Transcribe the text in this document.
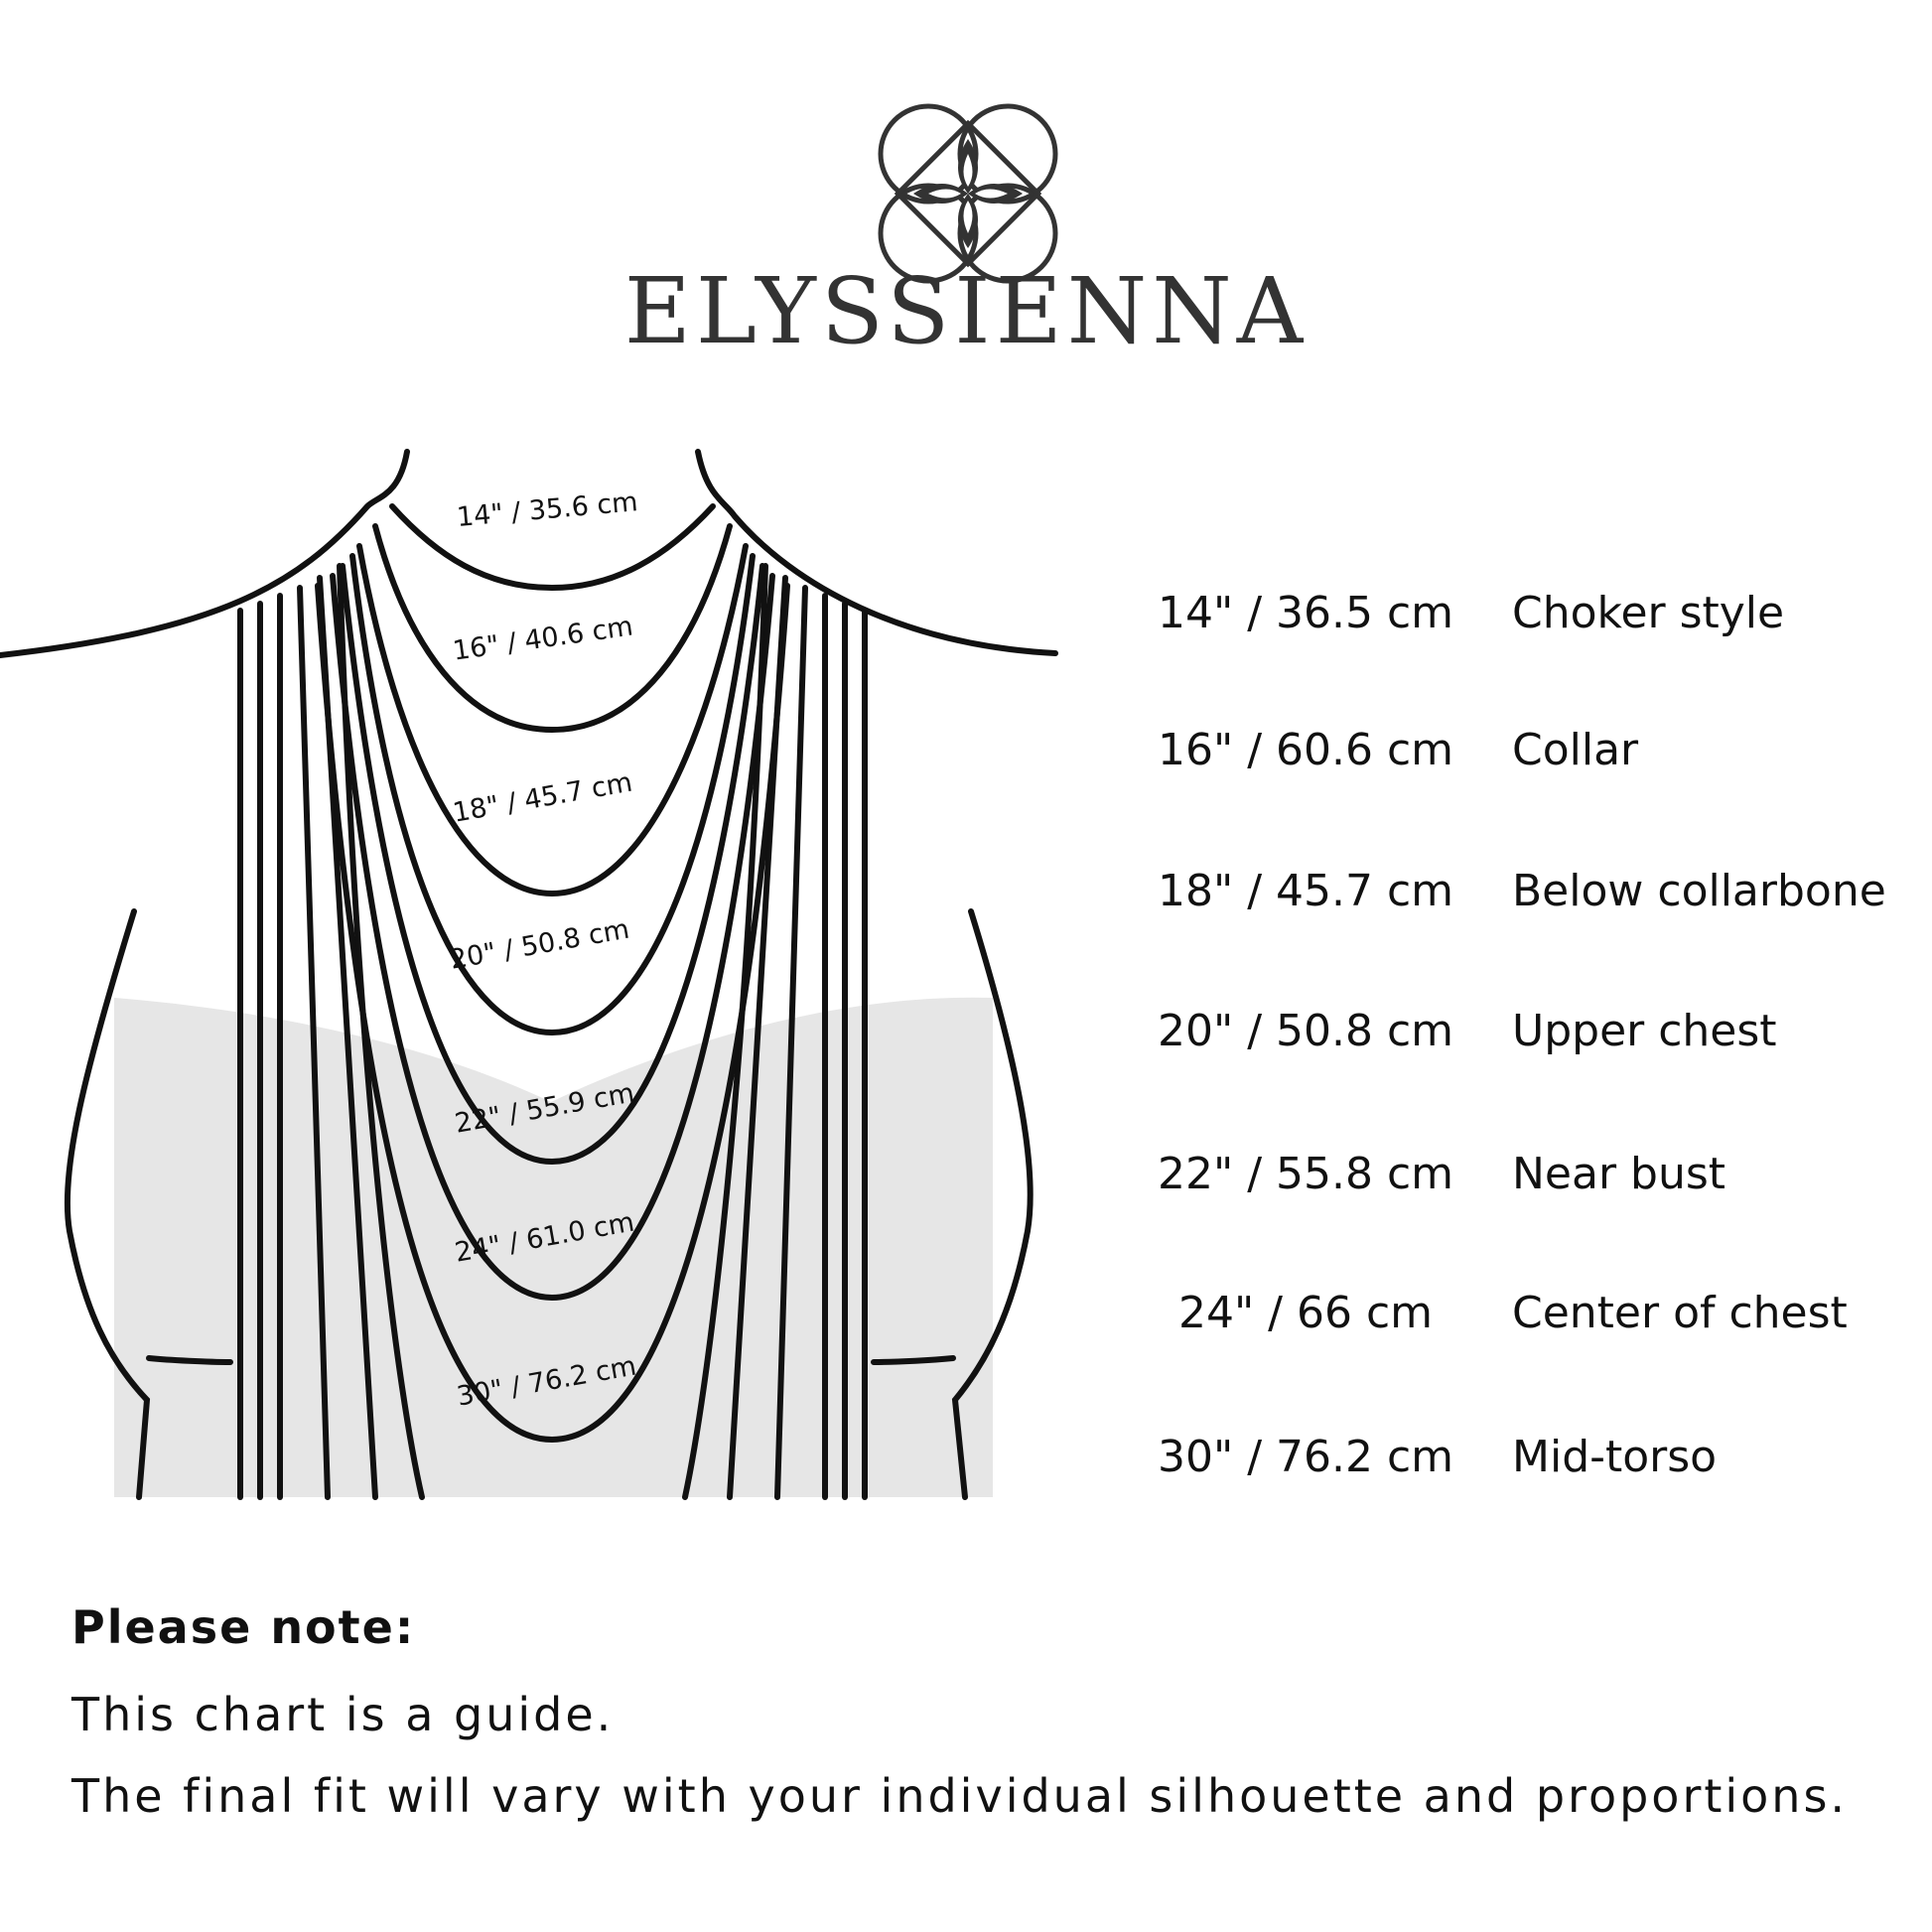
ELYSSIENNA
14" / 35.6 cm
16" / 40.6 cm
18" / 45.7 cm
20" / 50.8 cm
22" / 55.9 cm
24" / 61.0 cm
30" / 76.2 cm
14" / 36.5 cm	Choker style
16" / 60.6 cm	Collar
18" / 45.7 cm	Below collarbone
20" / 50.8 cm	Upper chest
22" / 55.8 cm	Near bust
24" / 66 cm	Center of chest
30" / 76.2 cm	Mid-torso
Please note:
This chart is a guide.
The final fit will vary with your individual silhouette and proportions.
